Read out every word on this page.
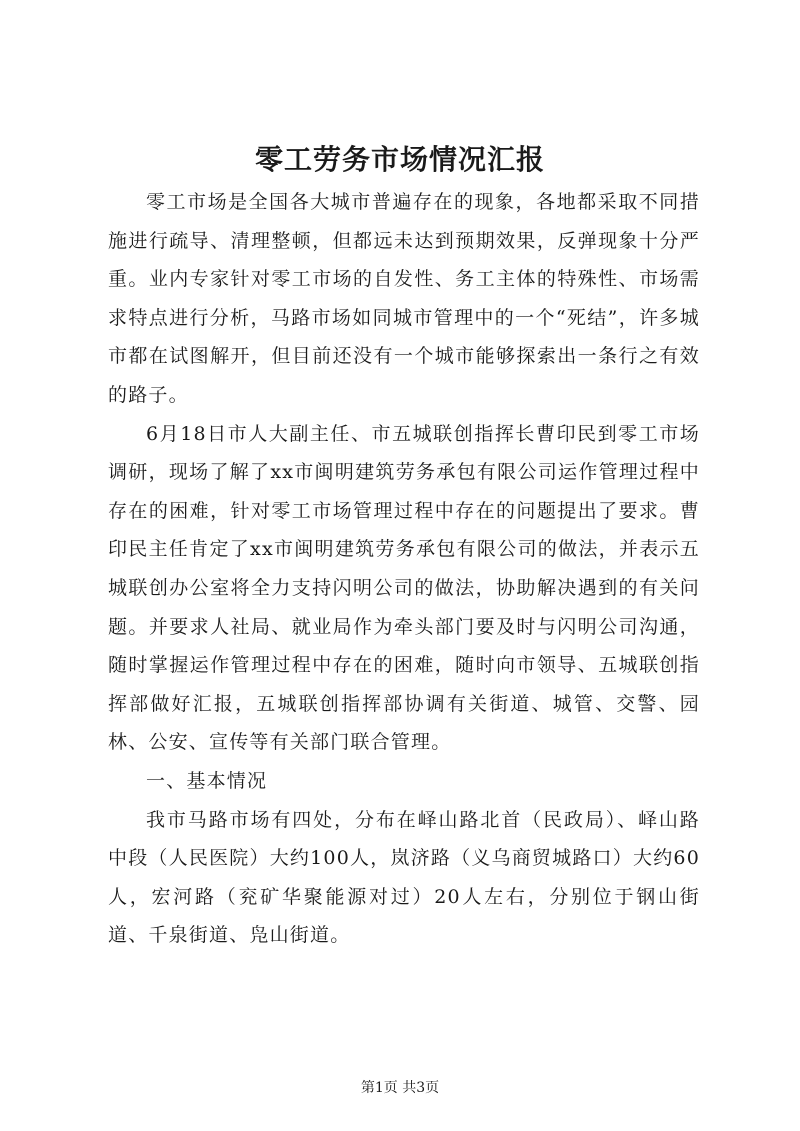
零工劳务市场情况汇报

零工市场是全国各大城市普遍存在的现象，各地都采取不同措施进行疏导、清理整顿，但都远未达到预期效果，反弹现象十分严重。业内专家针对零工市场的自发性、务工主体的特殊性、市场需求特点进行分析，马路市场如同城市管理中的一个“死结”，许多城市都在试图解开，但目前还没有一个城市能够探索出一条行之有效的路子。

6月18日市人大副主任、市五城联创指挥长曹印民到零工市场调研，现场了解了xx市闽明建筑劳务承包有限公司运作管理过程中存在的困难，针对零工市场管理过程中存在的问题提出了要求。曹印民主任肯定了xx市闽明建筑劳务承包有限公司的做法，并表示五城联创办公室将全力支持闪明公司的做法，协助解决遇到的有关问题。并要求人社局、就业局作为牵头部门要及时与闪明公司沟通，随时掌握运作管理过程中存在的困难，随时向市领导、五城联创指挥部做好汇报，五城联创指挥部协调有关街道、城管、交警、园林、公安、宣传等有关部门联合管理。

一、基本情况

我市马路市场有四处，分布在峄山路北首（民政局）、峄山路中段（人民医院）大约100人，岚济路（义乌商贸城路口）大约60人，宏河路（兖矿华聚能源对过）20人左右，分别位于钢山街道、千泉街道、凫山街道。

第1页 共3页
